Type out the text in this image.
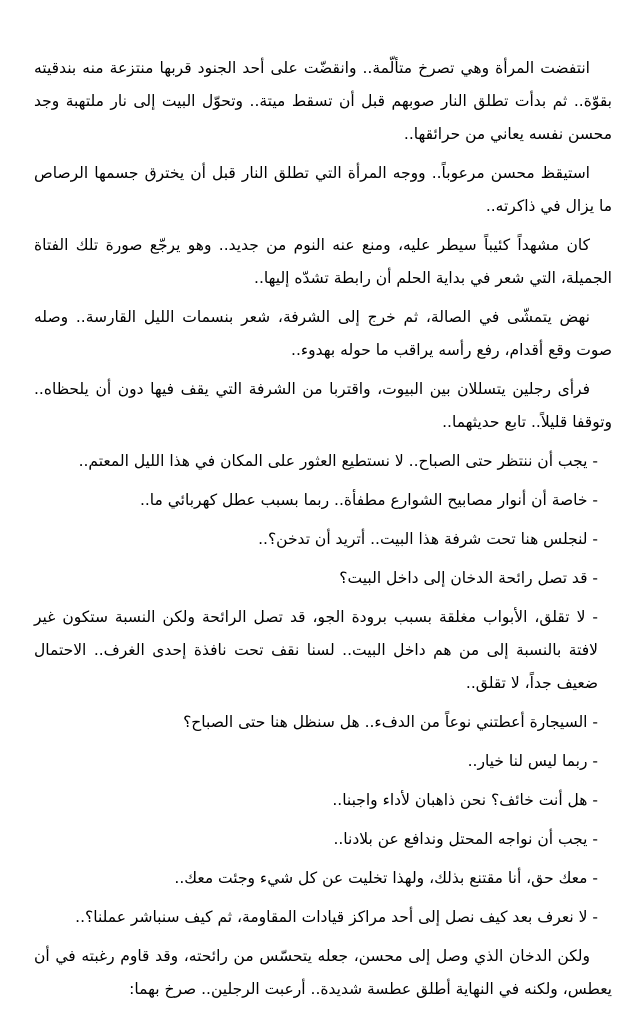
انتفضت المرأة وهي تصرخ متألّمة.. وانقضّت على أحد الجنود قربها منتزعة منه بندقيته بقوّة.. ثم بدأت تطلق النار صوبهم قبل أن تسقط ميتة.. وتحوّل البيت إلى نار ملتهبة وجد محسن نفسه يعاني من حرائقها..

استيقظ محسن مرعوباً.. ووجه المرأة التي تطلق النار قبل أن يخترق جسمها الرصاص ما يزال في ذاكرته..

كان مشهداً كئيباً سيطر عليه، ومنع عنه النوم من جديد.. وهو يرجّع صورة تلك الفتاة الجميلة، التي شعر في بداية الحلم أن رابطة تشدّه إليها..

نهض يتمشّى في الصالة، ثم خرج إلى الشرفة، شعر بنسمات الليل القارسة.. وصله صوت وقع أقدام، رفع رأسه يراقب ما حوله بهدوء..

فرأى رجلين يتسللان بين البيوت، واقتربا من الشرفة التي يقف فيها دون أن يلحظاه.. وتوقفا قليلاً.. تابع حديثهما..

- يجب أن ننتظر حتى الصباح.. لا نستطيع العثور على المكان في هذا الليل المعتم..

- خاصة أن أنوار مصابيح الشوارع مطفأة.. ربما بسبب عطل كهربائي ما..

- لنجلس هنا تحت شرفة هذا البيت.. أتريد أن تدخن؟..

- قد تصل رائحة الدخان إلى داخل البيت؟

- لا تقلق، الأبواب مغلقة بسبب برودة الجو، قد تصل الرائحة ولكن النسبة ستكون غير لافتة بالنسبة إلى من هم داخل البيت.. لسنا نقف تحت نافذة إحدى الغرف.. الاحتمال ضعيف جداً، لا تقلق..

- السيجارة أعطتني نوعاً من الدفء.. هل سنظل هنا حتى الصباح؟

- ربما ليس لنا خيار..

- هل أنت خائف؟ نحن ذاهبان لأداء واجبنا..

- يجب أن نواجه المحتل وندافع عن بلادنا..

- معك حق، أنا مقتنع بذلك، ولهذا تخليت عن كل شيء وجئت معك..

- لا نعرف بعد كيف نصل إلى أحد مراكز قيادات المقاومة، ثم كيف سنباشر عملنا؟..

ولكن الدخان الذي وصل إلى محسن، جعله يتحسّس من رائحته، وقد قاوم رغبته في أن يعطس، ولكنه في النهاية أطلق عطسة شديدة.. أرعبت الرجلين.. صرخ بهما:
